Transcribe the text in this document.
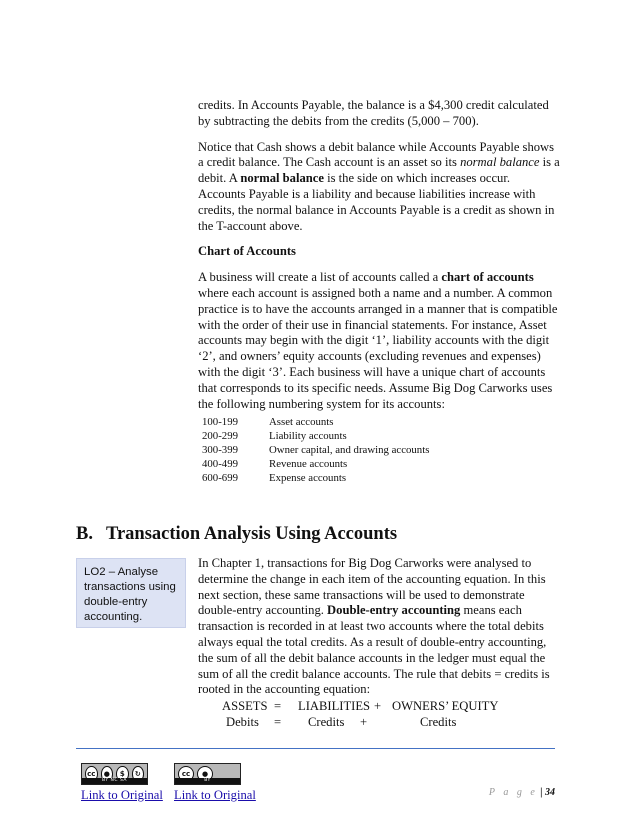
credits. In Accounts Payable, the balance is a $4,300 credit calculated by subtracting the debits from the credits (5,000 – 700).

Notice that Cash shows a debit balance while Accounts Payable shows a credit balance. The Cash account is an asset so its normal balance is a debit. A normal balance is the side on which increases occur. Accounts Payable is a liability and because liabilities increase with credits, the normal balance in Accounts Payable is a credit as shown in the T-account above.

Chart of Accounts

A business will create a list of accounts called a chart of accounts where each account is assigned both a name and a number. A common practice is to have the accounts arranged in a manner that is compatible with the order of their use in financial statements. For instance, Asset accounts may begin with the digit ‘1’, liability accounts with the digit ‘2’, and owners’ equity accounts (excluding revenues and expenses) with the digit ‘3’. Each business will have a unique chart of accounts that corresponds to its specific needs. Assume Big Dog Carworks uses the following numbering system for its accounts:

100-199	Asset accounts
200-299	Liability accounts
300-399	Owner capital, and drawing accounts
400-499	Revenue accounts
600-699	Expense accounts
B. Transaction Analysis Using Accounts
LO2 – Analyse transactions using double-entry accounting.

In Chapter 1, transactions for Big Dog Carworks were analysed to determine the change in each item of the accounting equation. In this next section, these same transactions will be used to demonstrate double-entry accounting. Double-entry accounting means each transaction is recorded in at least two accounts where the total debits always equal the total credits. As a result of double-entry accounting, the sum of all the debit balance accounts in the ledger must equal the sum of all the credit balance accounts. The rule that debits = credits is rooted in the accounting equation:

ASSETS = LIABILITIES + OWNERS’ EQUITY
Debits = Credits +	Credits
cc	●	$	↻
BY NC SA
cc	●
BY
Link to Original Link to Original	P a g e | 34
